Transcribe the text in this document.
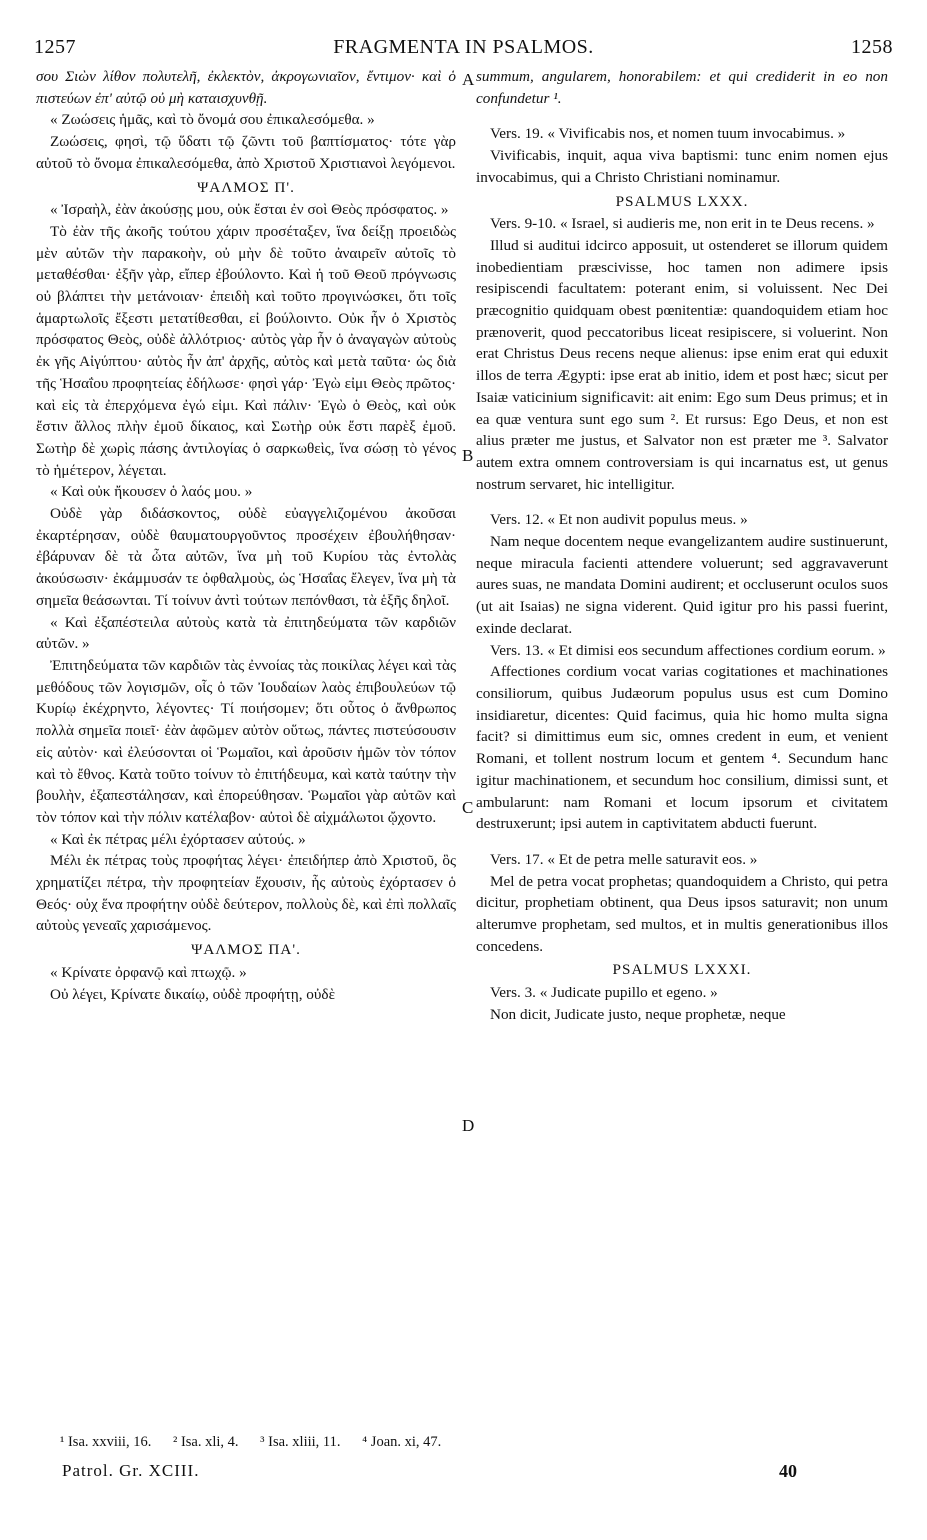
1257	FRAGMENTA IN PSALMOS.	1258

σου Σιὼν λίθον πολυτελῆ, ἐκλεκτὸν, ἀκρογωνιαῖον, ἔντιμον· καὶ ὁ πιστεύων ἐπ' αὐτῷ οὐ μὴ καταισχυνθῇ.

« Ζωώσεις ἡμᾶς, καὶ τὸ ὄνομά σου ἐπικαλεσόμεθα. »

Ζωώσεις, φησὶ, τῷ ὕδατι τῷ ζῶντι τοῦ βαπτίσματος· τότε γὰρ αὐτοῦ τὸ ὄνομα ἐπικαλεσόμεθα, ἀπὸ Χριστοῦ Χριστιανοὶ λεγόμενοι.

ΨΑΛΜΟΣ Π'.

« Ἰσραὴλ, ἐὰν ἀκούσῃς μου, οὐκ ἔσται ἐν σοὶ Θεὸς πρόσφατος. »

Τὸ ἐὰν τῆς ἀκοῆς τούτου χάριν προσέταξεν, ἵνα δείξῃ προειδὼς μὲν αὐτῶν τὴν παρακοὴν, οὐ μὴν δὲ τοῦτο ἀναιρεῖν αὐτοῖς τὸ μεταθέσθαι· ἐξῆν γὰρ, εἴπερ ἐβούλοντο. Καὶ ἡ τοῦ Θεοῦ πρόγνωσις οὐ βλάπτει τὴν μετάνοιαν· ἐπειδὴ καὶ τοῦτο προγινώσκει, ὅτι τοῖς ἁμαρτωλοῖς ἔξεστι μετατίθεσθαι, εἰ βούλοιντο. Οὐκ ἦν ὁ Χριστὸς πρόσφατος Θεὸς, οὐδὲ ἀλλότριος· αὐτὸς γὰρ ἦν ὁ ἀναγαγὼν αὐτοὺς ἐκ γῆς Αἰγύπτου· αὐτὸς ἦν ἀπ' ἀρχῆς, αὐτὸς καὶ μετὰ ταῦτα· ὡς διὰ τῆς Ἡσαΐου προφητείας ἐδήλωσε· φησὶ γάρ· Ἐγὼ εἰμι Θεὸς πρῶτος· καὶ εἰς τὰ ἐπερχόμενα ἐγώ εἰμι. Καὶ πάλιν· Ἐγὼ ὁ Θεὸς, καὶ οὐκ ἔστιν ἄλλος πλὴν ἐμοῦ δίκαιος, καὶ Σωτὴρ οὐκ ἔστι παρὲξ ἐμοῦ. Σωτὴρ δὲ χωρὶς πάσης ἀντιλογίας ὁ σαρκωθεὶς, ἵνα σώσῃ τὸ γένος τὸ ἡμέτερον, λέγεται.

« Καὶ οὐκ ἤκουσεν ὁ λαός μου. »

Οὐδὲ γὰρ διδάσκοντος, οὐδὲ εὐαγγελιζομένου ἀκοῦσαι ἐκαρτέρησαν, οὐδὲ θαυματουργοῦντος προσέχειν ἐβουλήθησαν· ἐβάρυναν δὲ τὰ ὦτα αὐτῶν, ἵνα μὴ τοῦ Κυρίου τὰς ἐντολὰς ἀκούσωσιν· ἐκάμμυσάν τε ὀφθαλμοὺς, ὡς Ἡσαΐας ἔλεγεν, ἵνα μὴ τὰ σημεῖα θεάσωνται. Τί τοίνυν ἀντὶ τούτων πεπόνθασι, τὰ ἑξῆς δηλοῖ.

« Καὶ ἐξαπέστειλα αὐτοὺς κατὰ τὰ ἐπιτηδεύματα τῶν καρδιῶν αὐτῶν. »

Ἐπιτηδεύματα τῶν καρδιῶν τὰς ἐννοίας τὰς ποικίλας λέγει καὶ τὰς μεθόδους τῶν λογισμῶν, οἷς ὁ τῶν Ἰουδαίων λαὸς ἐπιβουλεύων τῷ Κυρίῳ ἐκέχρηντο, λέγοντες· Τί ποιήσομεν; ὅτι οὗτος ὁ ἄνθρωπος πολλὰ σημεῖα ποιεῖ· ἐὰν ἀφῶμεν αὐτὸν οὕτως, πάντες πιστεύσουσιν εἰς αὐτὸν· καὶ ἐλεύσονται οἱ Ῥωμαῖοι, καὶ ἀροῦσιν ἡμῶν τὸν τόπον καὶ τὸ ἔθνος. Κατὰ τοῦτο τοίνυν τὸ ἐπιτήδευμα, καὶ κατὰ ταύτην τὴν βουλὴν, ἐξαπεστάλησαν, καὶ ἐπορεύθησαν. Ῥωμαῖοι γὰρ αὐτῶν καὶ τὸν τόπον καὶ τὴν πόλιν κατέλαβον· αὐτοὶ δὲ αἰχμάλωτοι ᾤχοντο.

« Καὶ ἐκ πέτρας μέλι ἐχόρτασεν αὐτούς. »

Μέλι ἐκ πέτρας τοὺς προφήτας λέγει· ἐπειδήπερ ἀπὸ Χριστοῦ, ὃς χρηματίζει πέτρα, τὴν προφητείαν ἔχουσιν, ἧς αὐτοὺς ἐχόρτασεν ὁ Θεός· οὐχ ἕνα προφήτην οὐδὲ δεύτερον, πολλοὺς δὲ, καὶ ἐπὶ πολλαῖς αὐτοὺς γενεαῖς χαρισάμενος.

ΨΑΛΜΟΣ ΠΑ'.

« Κρίνατε ὀρφανῷ καὶ πτωχῷ. »

Οὐ λέγει, Κρίνατε δικαίῳ, οὐδὲ προφήτῃ, οὐδὲ

summum, angularem, honorabilem: et qui crediderit in eo non confundetur ¹.

Vers. 19. « Vivificabis nos, et nomen tuum invocabimus. »

Vivificabis, inquit, aqua viva baptismi: tunc enim nomen ejus invocabimus, qui a Christo Christiani nominamur.

PSALMUS LXXX.

Vers. 9-10. « Israel, si audieris me, non erit in te Deus recens. »

Illud si auditui idcirco apposuit, ut ostenderet se illorum quidem inobedientiam præscivisse, hoc tamen non adimere ipsis resipiscendi facultatem: poterant enim, si voluissent. Nec Dei præcognitio quidquam obest pœnitentiæ: quandoquidem etiam hoc prænoverit, quod peccatoribus liceat resipiscere, si voluerint. Non erat Christus Deus recens neque alienus: ipse enim erat qui eduxit illos de terra Ægypti: ipse erat ab initio, idem et post hæc; sicut per Isaiæ vaticinium significavit: ait enim: Ego sum Deus primus; et in ea quæ ventura sunt ego sum ². Et rursus: Ego Deus, et non est alius præter me justus, et Salvator non est præter me ³. Salvator autem extra omnem controversiam is qui incarnatus est, ut genus nostrum servaret, hic intelligitur.

Vers. 12. « Et non audivit populus meus. »

Nam neque docentem neque evangelizantem audire sustinuerunt, neque miracula facienti attendere voluerunt; sed aggravaverunt aures suas, ne mandata Domini audirent; et occluserunt oculos suos (ut ait Isaias) ne signa viderent. Quid igitur pro his passi fuerint, exinde declarat.

Vers. 13. « Et dimisi eos secundum affectiones cordium eorum. »

Affectiones cordium vocat varias cogitationes et machinationes consiliorum, quibus Judæorum populus usus est cum Domino insidiaretur, dicentes: Quid facimus, quia hic homo multa signa facit? si dimittimus eum sic, omnes credent in eum, et venient Romani, et tollent nostrum locum et gentem ⁴. Secundum hanc igitur machinationem, et secundum hoc consilium, dimissi sunt, et ambularunt: nam Romani et locum ipsorum et civitatem destruxerunt; ipsi autem in captivitatem abducti fuerunt.

Vers. 17. « Et de petra melle saturavit eos. »

Mel de petra vocat prophetas; quandoquidem a Christo, qui petra dicitur, prophetiam obtinent, qua Deus ipsos saturavit; non unum alterumve prophetam, sed multos, et in multis generationibus illos concedens.

PSALMUS LXXXI.

Vers. 3. « Judicate pupillo et egeno. »

Non dicit, Judicate justo, neque prophetæ, neque

A
B
C
D
¹ Isa. xxviii, 16. ² Isa. xli, 4. ³ Isa. xliii, 11. ⁴ Joan. xi, 47.
Patrol. Gr. XCIII.	40
